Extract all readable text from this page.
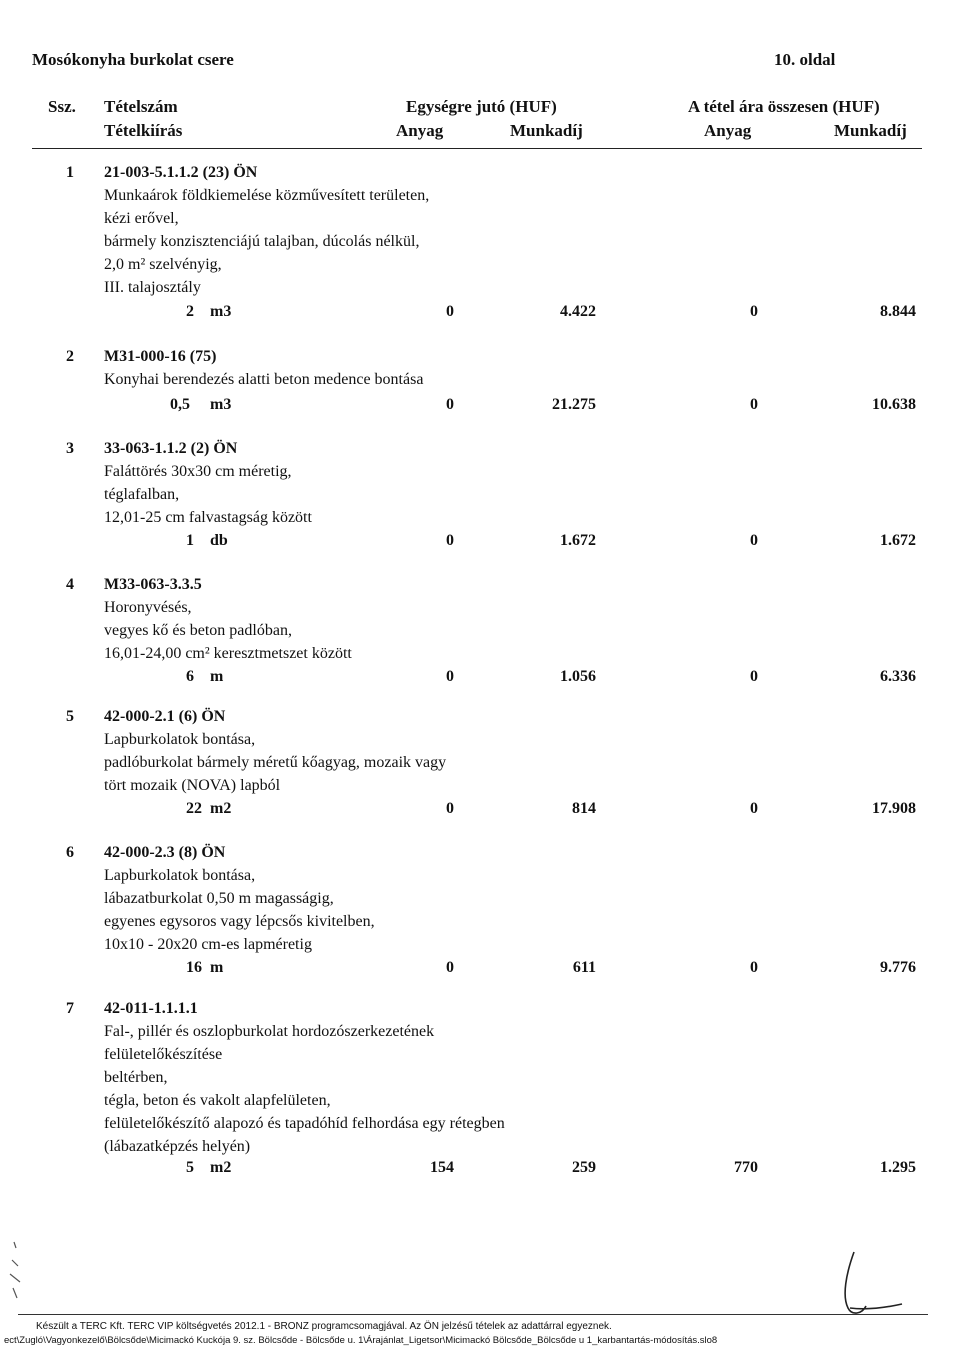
Mosókonyha burkolat csere	10. oldal
Ssz. Tételszám
Tételkiírás
Egységre jutó (HUF)	A tétel ára összesen (HUF)
Anyag	Munkadíj	Anyag	Munkadíj
1 21-003-5.1.1.2 (23) ÖN
Munkaárok földkiemelése közművesített területen,
kézi erővel,
bármely konzisztenciájú talajban, dúcolás nélkül,
2,0 m² szelvényig,
III. talajosztály
2 m3	0	4.422	0	8.844
2 M31-000-16 (75)
Konyhai berendezés alatti beton medence bontása
0,5 m3	0	21.275	0	10.638
3 33-063-1.1.2 (2) ÖN
Faláttörés 30x30 cm méretig,
téglafalban,
12,01-25 cm falvastagság között
1 db	0	1.672	0	1.672
4 M33-063-3.3.5
Horonyvésés,
vegyes kő és beton padlóban,
16,01-24,00 cm² keresztmetszet között
6 m	0	1.056	0	6.336
5 42-000-2.1 (6) ÖN
Lapburkolatok bontása,
padlóburkolat bármely méretű kőagyag, mozaik vagy
tört mozaik (NOVA) lapból
22 m2	0	814	0	17.908
6 42-000-2.3 (8) ÖN
Lapburkolatok bontása,
lábazatburkolat 0,50 m magasságig,
egyenes egysoros vagy lépcsős kivitelben,
10x10 - 20x20 cm-es lapméretig
16 m	0	611	0	9.776
7 42-011-1.1.1.1
Fal-, pillér és oszlopburkolat hordozószerkezetének
felületelőkészítése
beltérben,
tégla, beton és vakolt alapfelületen,
felületelőkészítő alapozó és tapadóhíd felhordása egy rétegben
(lábazatképzés helyén)
5 m2	154	259	770	1.295
Készült a TERC Kft. TERC VIP költségvetés 2012.1 - BRONZ programcsomagjával. Az ÖN jelzésű tételek az adattárral egyeznek.
ect\Zugló\Vagyonkezelő\Bölcsőde\Micimackó Kuckója 9. sz. Bölcsőde - Bölcsőde u. 1\Árajánlat_Ligetsor\Micimackó Bölcsőde_Bölcsőde u 1_karbantartás-módosítás.slo8
